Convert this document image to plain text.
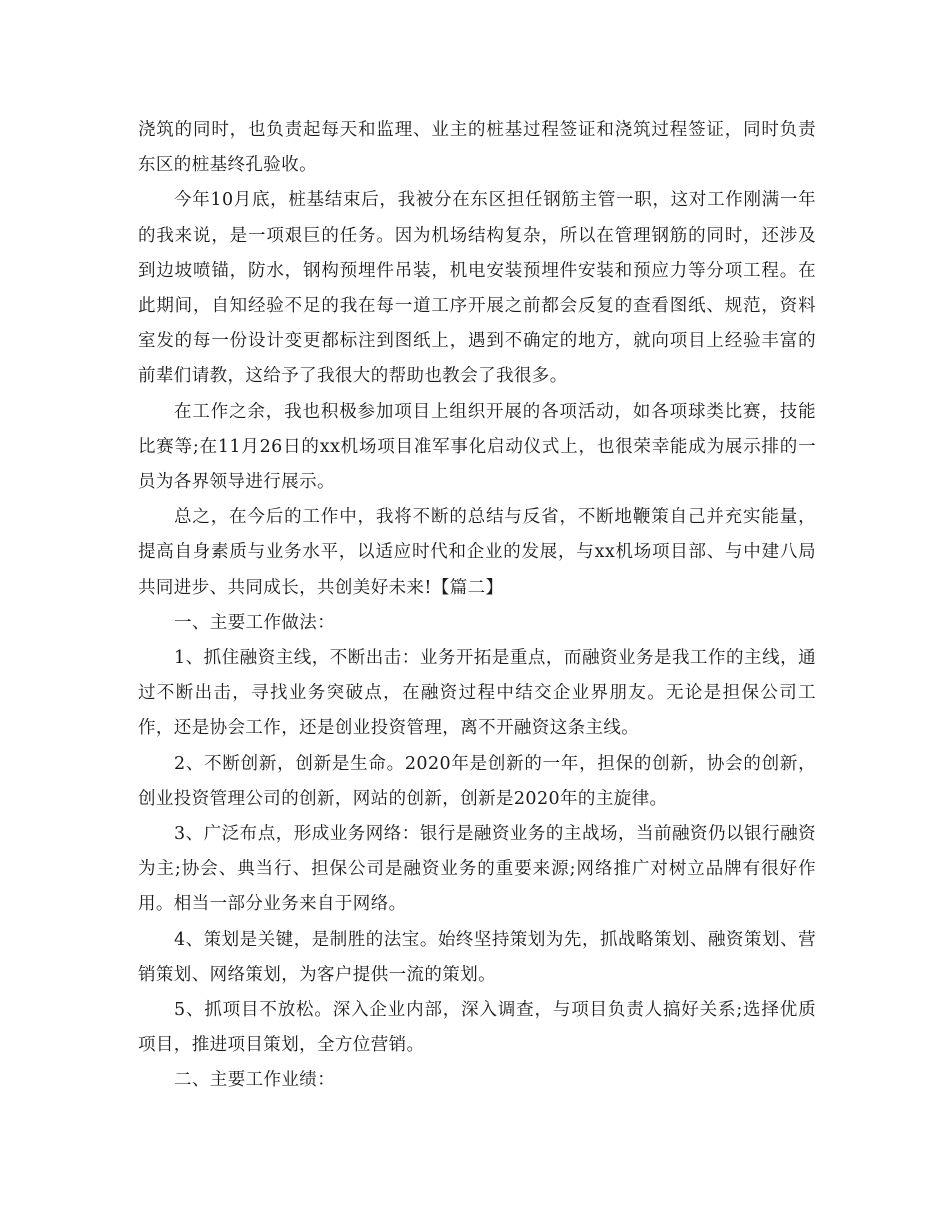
浇筑的同时，也负责起每天和监理、业主的桩基过程签证和浇筑过程签证，同时负责东区的桩基终孔验收。

今年10月底，桩基结束后，我被分在东区担任钢筋主管一职，这对工作刚满一年的我来说，是一项艰巨的任务。因为机场结构复杂，所以在管理钢筋的同时，还涉及到边坡喷锚，防水，钢构预埋件吊装，机电安装预埋件安装和预应力等分项工程。在此期间，自知经验不足的我在每一道工序开展之前都会反复的查看图纸、规范，资料室发的每一份设计变更都标注到图纸上，遇到不确定的地方，就向项目上经验丰富的前辈们请教，这给予了我很大的帮助也教会了我很多。

在工作之余，我也积极参加项目上组织开展的各项活动，如各项球类比赛，技能比赛等;在11月26日的xx机场项目准军事化启动仪式上，也很荣幸能成为展示排的一员为各界领导进行展示。

总之，在今后的工作中，我将不断的总结与反省，不断地鞭策自己并充实能量，提高自身素质与业务水平，以适应时代和企业的发展，与xx机场项目部、与中建八局共同进步、共同成长，共创美好未来!【篇二】

一、主要工作做法：

1、抓住融资主线，不断出击：业务开拓是重点，而融资业务是我工作的主线，通过不断出击，寻找业务突破点，在融资过程中结交企业界朋友。无论是担保公司工作，还是协会工作，还是创业投资管理，离不开融资这条主线。

2、不断创新，创新是生命。2020年是创新的一年，担保的创新，协会的创新，创业投资管理公司的创新，网站的创新，创新是2020年的主旋律。

3、广泛布点，形成业务网络：银行是融资业务的主战场，当前融资仍以银行融资为主;协会、典当行、担保公司是融资业务的重要来源;网络推广对树立品牌有很好作用。相当一部分业务来自于网络。

4、策划是关键，是制胜的法宝。始终坚持策划为先，抓战略策划、融资策划、营销策划、网络策划，为客户提供一流的策划。

5、抓项目不放松。深入企业内部，深入调查，与项目负责人搞好关系;选择优质项目，推进项目策划，全方位营销。

二、主要工作业绩：
